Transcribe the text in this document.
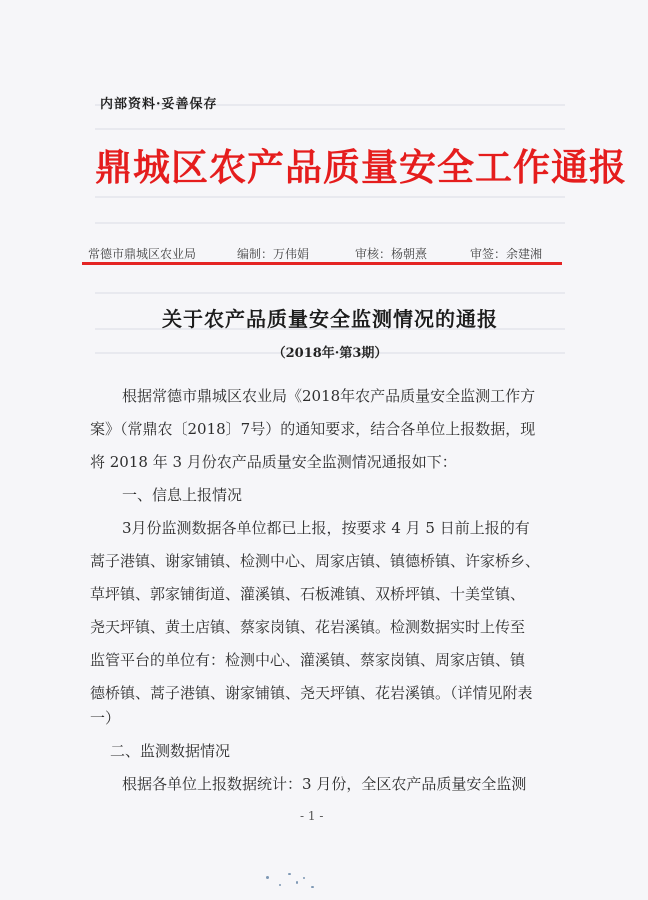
内部资料·妥善保存
鼎城区农产品质量安全工作通报
常德市鼎城区农业局	编制：万伟娟	审核：杨朝熹	审签：余建湘
关于农产品质量安全监测情况的通报
（2018年·第3期）
根据常德市鼎城区农业局《2018年农产品质量安全监测工作方
案》（常鼎农〔2018〕7号）的通知要求，结合各单位上报数据，现
将 2018 年 3 月份农产品质量安全监测情况通报如下：
一、信息上报情况
3月份监测数据各单位都已上报，按要求 4 月 5 日前上报的有
蒿子港镇、谢家铺镇、检测中心、周家店镇、镇德桥镇、许家桥乡、
草坪镇、郭家铺街道、灌溪镇、石板滩镇、双桥坪镇、十美堂镇、
尧天坪镇、黄土店镇、蔡家岗镇、花岩溪镇。检测数据实时上传至
监管平台的单位有：检测中心、灌溪镇、蔡家岗镇、周家店镇、镇
德桥镇、蒿子港镇、谢家铺镇、尧天坪镇、花岩溪镇。（详情见附表
一）
二、监测数据情况
根据各单位上报数据统计：3 月份，全区农产品质量安全监测
- 1 -
